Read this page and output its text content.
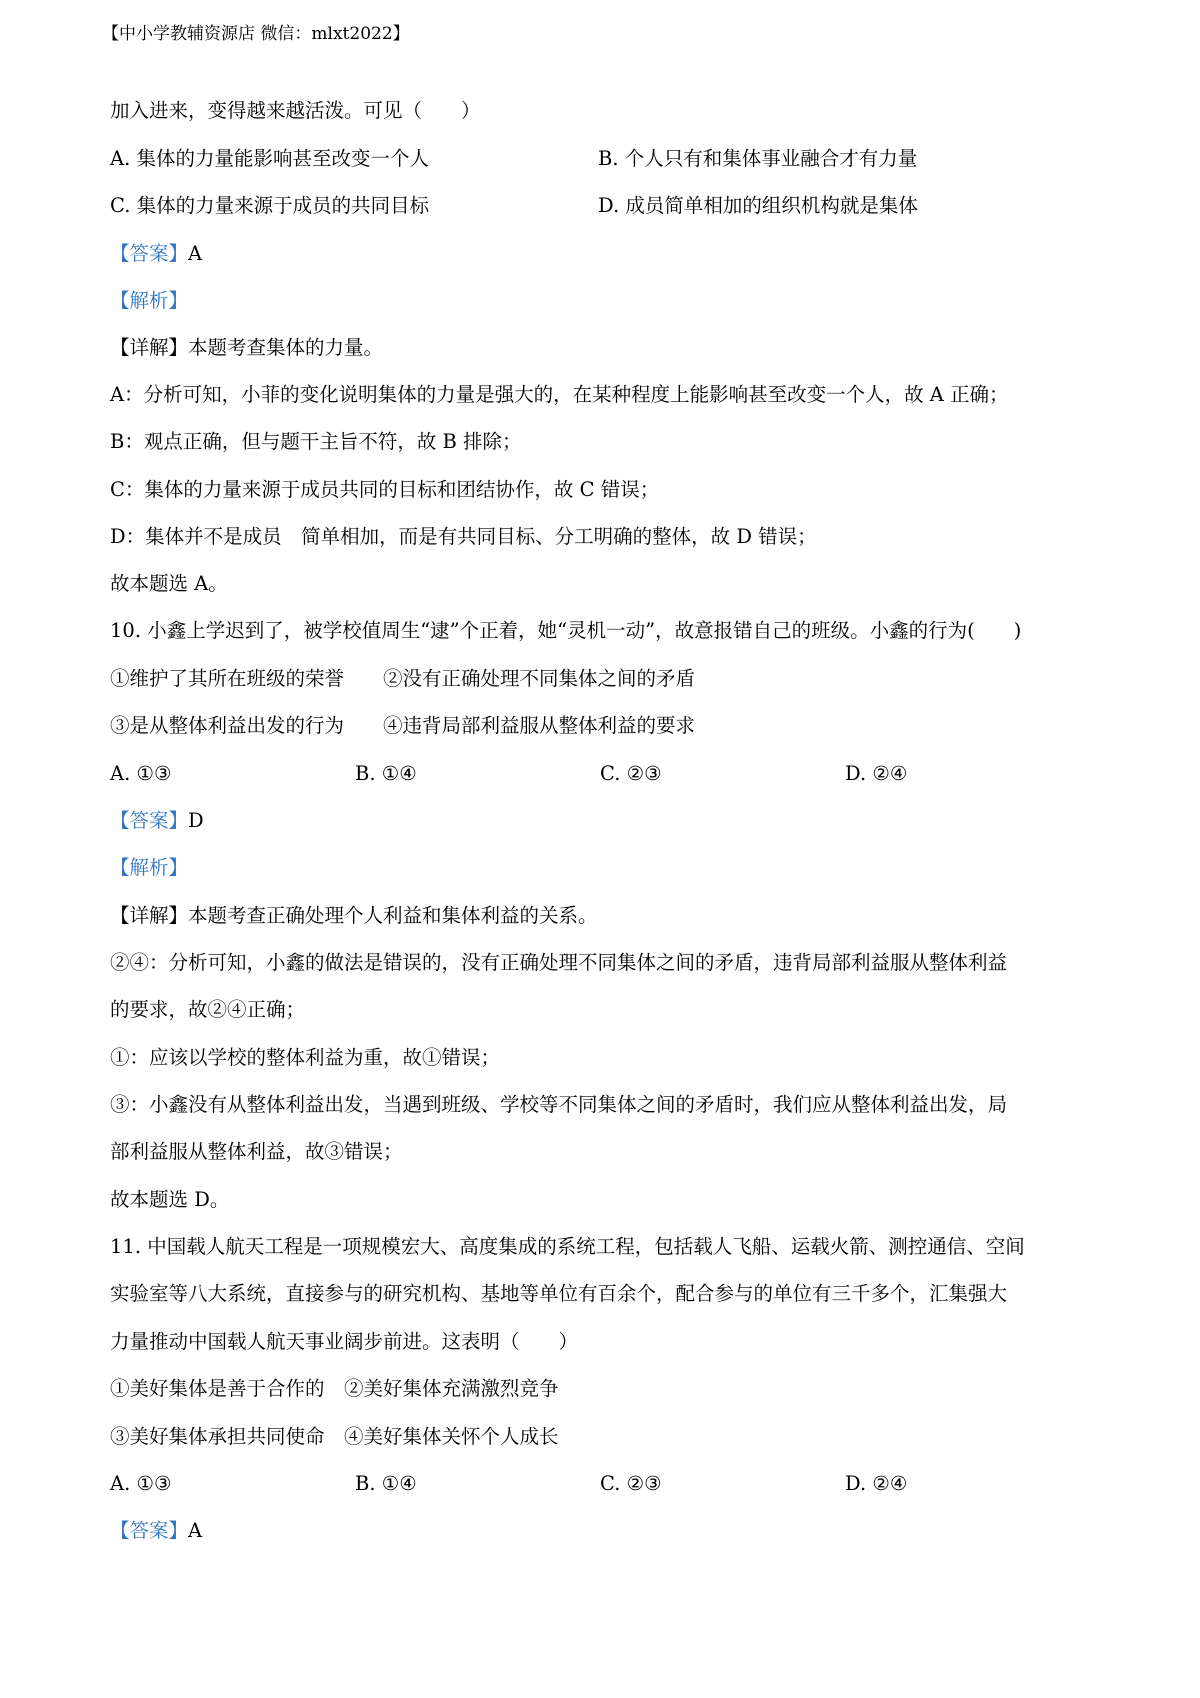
【中小学教辅资源店 微信：mlxt2022】
加入进来，变得越来越活泼。可见（　　）
A. 集体的力量能影响甚至改变一个人	B. 个人只有和集体事业融合才有力量
C. 集体的力量来源于成员的共同目标	D. 成员简单相加的组织机构就是集体
【答案】A
【解析】
【详解】本题考查集体的力量。
A：分析可知，小菲的变化说明集体的力量是强大的，在某种程度上能影响甚至改变一个人，故 A 正确；
B：观点正确，但与题干主旨不符，故 B 排除；
C：集体的力量来源于成员共同的目标和团结协作，故 C 错误；
D：集体并不是成员　简单相加，而是有共同目标、分工明确的整体，故 D 错误；
故本题选 A。
10. 小鑫上学迟到了，被学校值周生“逮”个正着，她“灵机一动”，故意报错自己的班级。小鑫的行为(　　)
①维护了其所在班级的荣誉　　②没有正确处理不同集体之间的矛盾
③是从整体利益出发的行为　　④违背局部利益服从整体利益的要求
A. ①③	B. ①④	C. ②③	D. ②④
【答案】D
【解析】
【详解】本题考查正确处理个人利益和集体利益的关系。
②④：分析可知，小鑫的做法是错误的，没有正确处理不同集体之间的矛盾，违背局部利益服从整体利益
的要求，故②④正确；
①：应该以学校的整体利益为重，故①错误；
③：小鑫没有从整体利益出发，当遇到班级、学校等不同集体之间的矛盾时，我们应从整体利益出发，局
部利益服从整体利益，故③错误；
故本题选 D。
11. 中国载人航天工程是一项规模宏大、高度集成的系统工程，包括载人飞船、运载火箭、测控通信、空间
实验室等八大系统，直接参与的研究机构、基地等单位有百余个，配合参与的单位有三千多个，汇集强大
力量推动中国载人航天事业阔步前进。这表明（　　）
①美好集体是善于合作的　②美好集体充满激烈竞争
③美好集体承担共同使命　④美好集体关怀个人成长
A. ①③	B. ①④	C. ②③	D. ②④
【答案】A
